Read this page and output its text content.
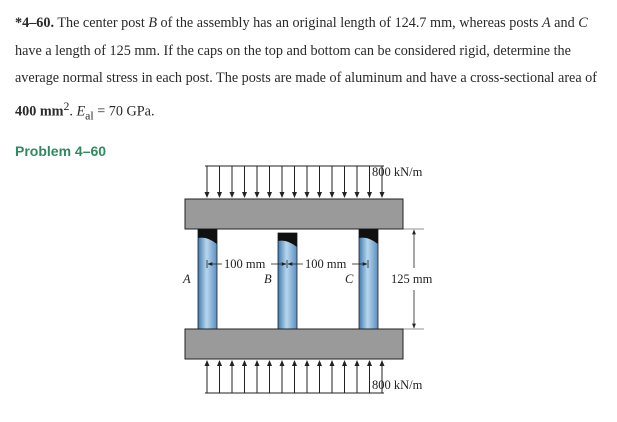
*4–60. The center post B of the assembly has an original length of 124.7 mm, whereas posts A and C have a length of 125 mm. If the caps on the top and bottom can be considered rigid, determine the average normal stress in each post. The posts are made of aluminum and have a cross-sectional area of 400 $mm^2$. $E_{al} = 70$ GPa.

Problem 4–60
800 kN/m
100 mm	100 mm
125 mm
A	B	C
800 kN/m
